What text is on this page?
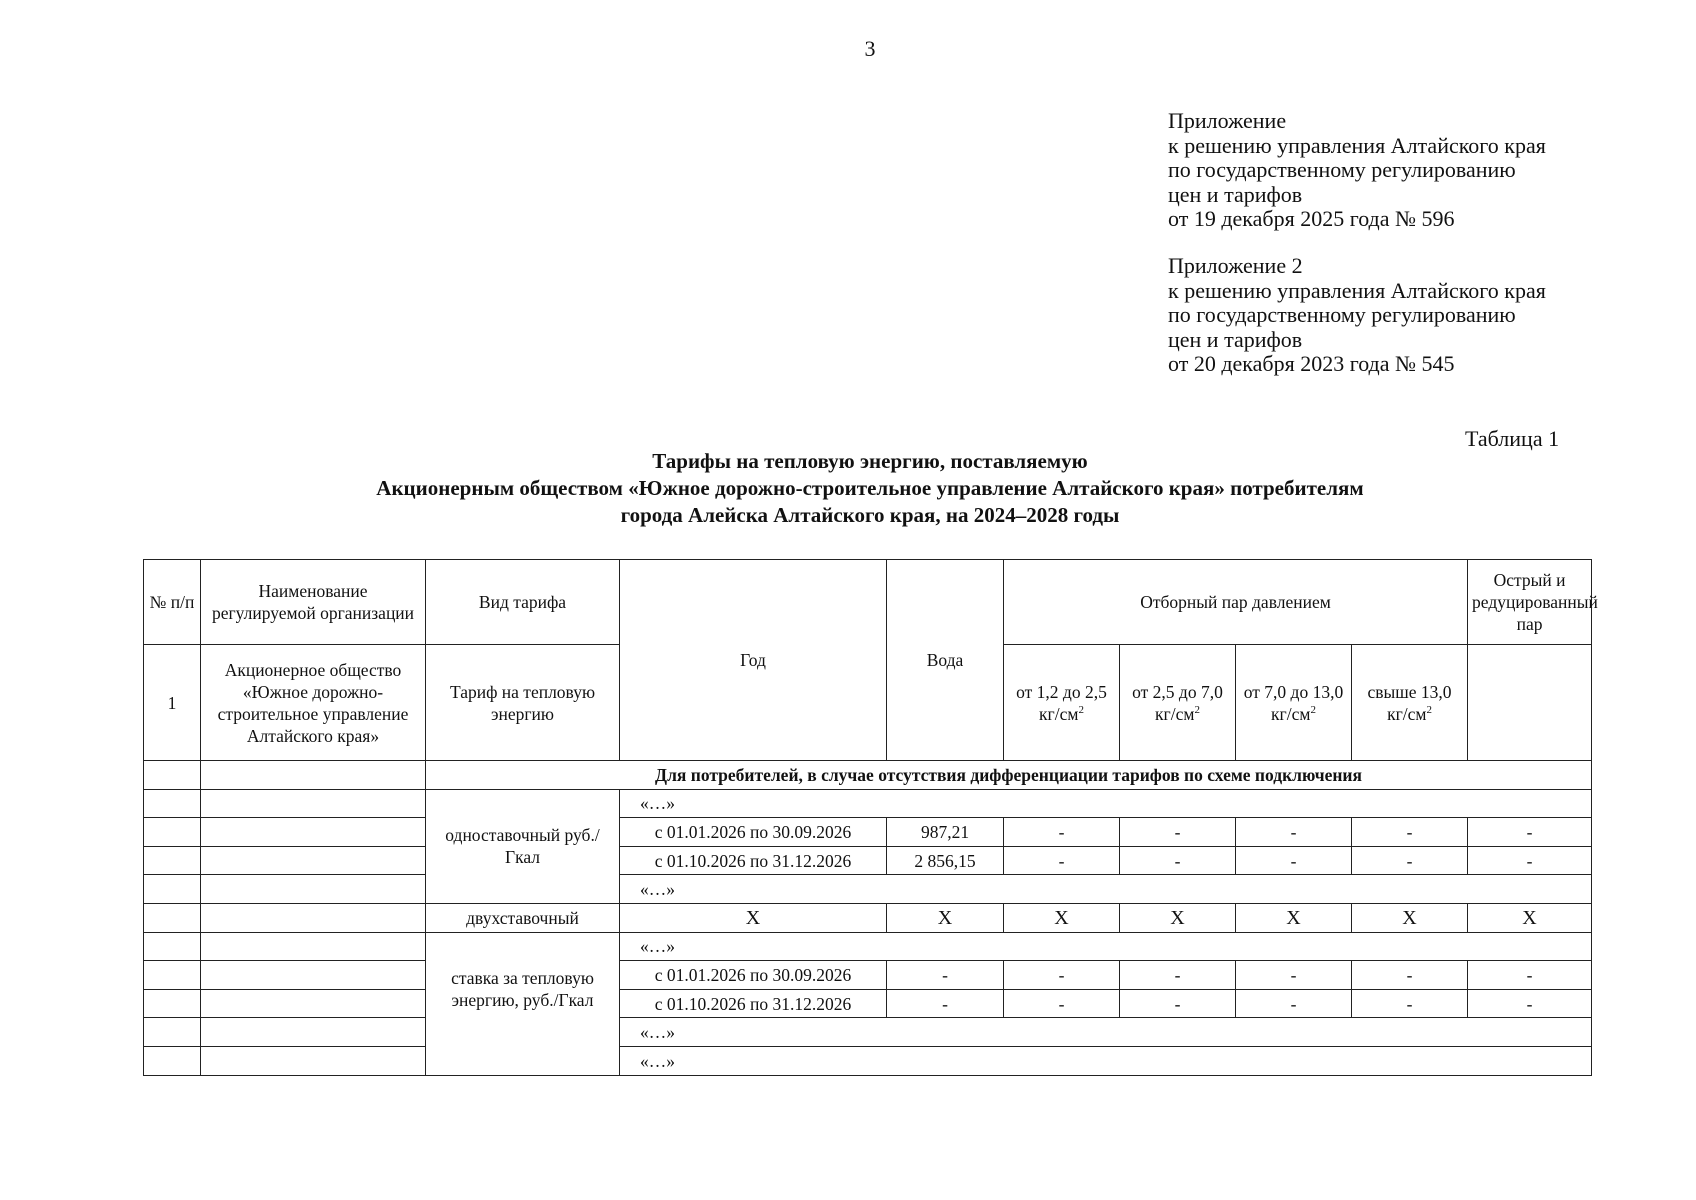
3
Приложение
к решению управления Алтайского края
по государственному регулированию
цен и тарифов
от 19 декабря 2025 года № 596
Приложение 2
к решению управления Алтайского края
по государственному регулированию
цен и тарифов
от 20 декабря 2023 года № 545
Таблица 1
Тарифы на тепловую энергию, поставляемую
Акционерным обществом «Южное дорожно-строительное управление Алтайского края» потребителям
города Алейска Алтайского края, на 2024–2028 годы
№ п/п	Наименование регулируемой организации	Вид тарифа	Год	Вода	Отборный пар давлением				Острый и редуцированный пар
1	Акционерное общество «Южное дорожно-строительное управление Алтайского края»	Тариф на тепловую энергию			от 1,2 до 2,5 $кг/см^2$	от 2,5 до 7,0 $кг/см^2$	от 7,0 до 13,0 $кг/см^2$	свыше 13,0 $кг/см^2$	
		Для потребителей, в случае отсутствия дифференциации тарифов по схеме подключения							
		одноставочный руб./Гкал	«…»						
			с 01.01.2026 по 30.09.2026	987,21	-	-	-	-	-
			с 01.10.2026 по 31.12.2026	2 856,15	-	-	-	-	-
			«…»						
		двухставочный	X	X	X	X	X	X	X
		ставка за тепловую энергию, руб./Гкал	«…»						
			с 01.01.2026 по 30.09.2026	-	-	-	-	-	-
			с 01.10.2026 по 31.12.2026	-	-	-	-	-	-
			«…»						
			«…»						
